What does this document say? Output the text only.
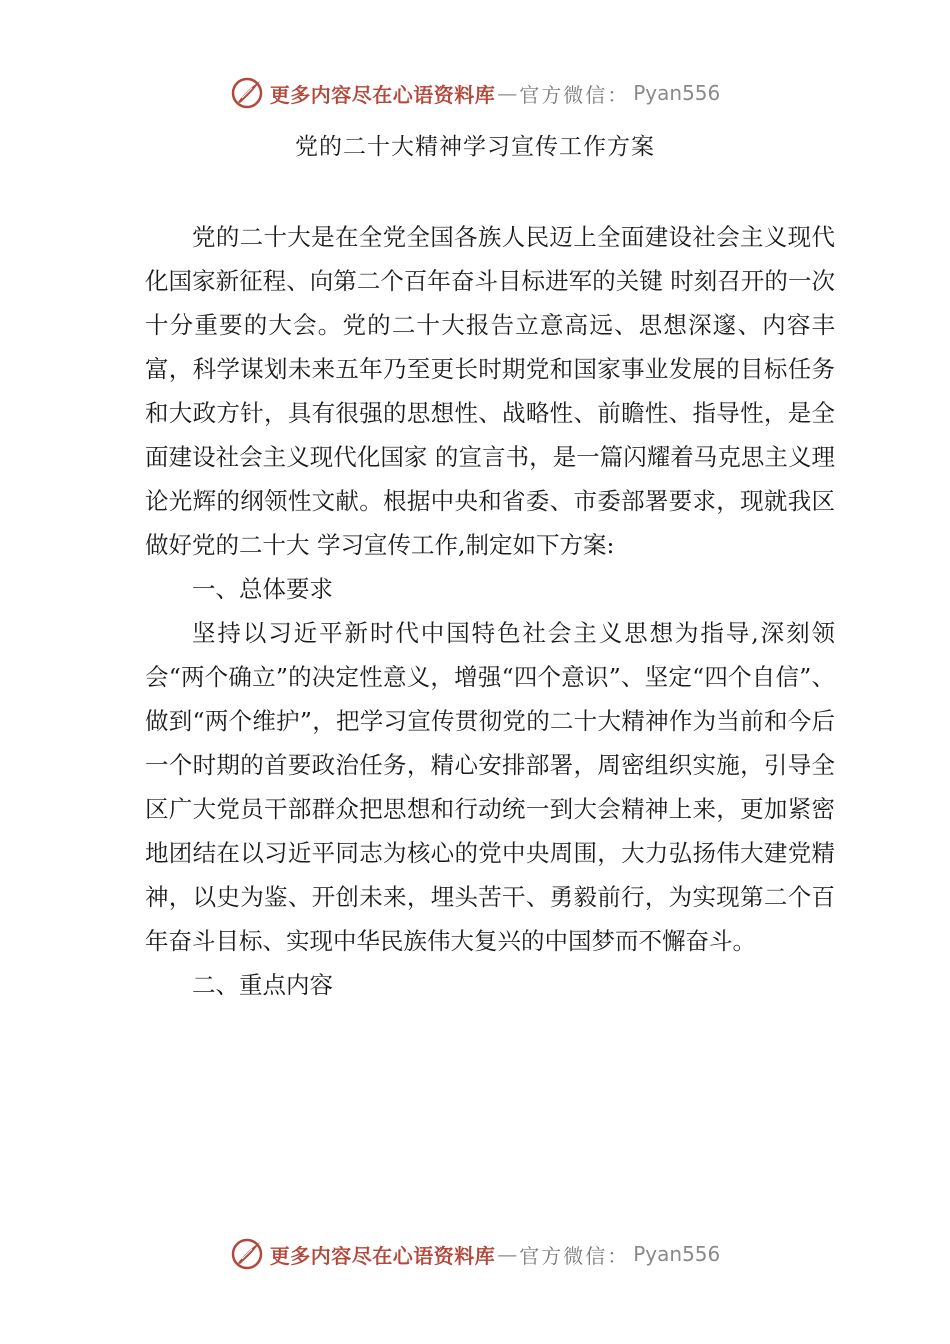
更多内容尽在心语资料库 — 官方微信： Pyan556
党的二十大精神学习宣传工作方案

党的二十大是在全党全国各族人民迈上全面建设社会主义现代化国家新征程、向第二个百年奋斗目标进军的关键 时刻召开的一次十分重要的大会。党的二十大报告立意高远、思想深邃、内容丰富，科学谋划未来五年乃至更长时期党和国家事业发展的目标任务和大政方针，具有很强的思想性、战略性、前瞻性、指导性，是全面建设社会主义现代化国家 的宣言书，是一篇闪耀着马克思主义理论光辉的纲领性文献。根据中央和省委、市委部署要求，现就我区做好党的二十大 学习宣传工作,制定如下方案:

一、总体要求

坚持以习近平新时代中国特色社会主义思想为指导,深刻领会“两个确立”的决定性意义，增强“四个意识”、坚定“四个自信”、做到“两个维护”，把学习宣传贯彻党的二十大精神作为当前和今后一个时期的首要政治任务，精心安排部署，周密组织实施，引导全区广大党员干部群众把思想和行动统一到大会精神上来，更加紧密地团结在以习近平同志为核心的党中央周围，大力弘扬伟大建党精神，以史为鉴、开创未来，埋头苦干、勇毅前行，为实现第二个百年奋斗目标、实现中华民族伟大复兴的中国梦而不懈奋斗。

二、重点内容

更多内容尽在心语资料库 — 官方微信： Pyan556
